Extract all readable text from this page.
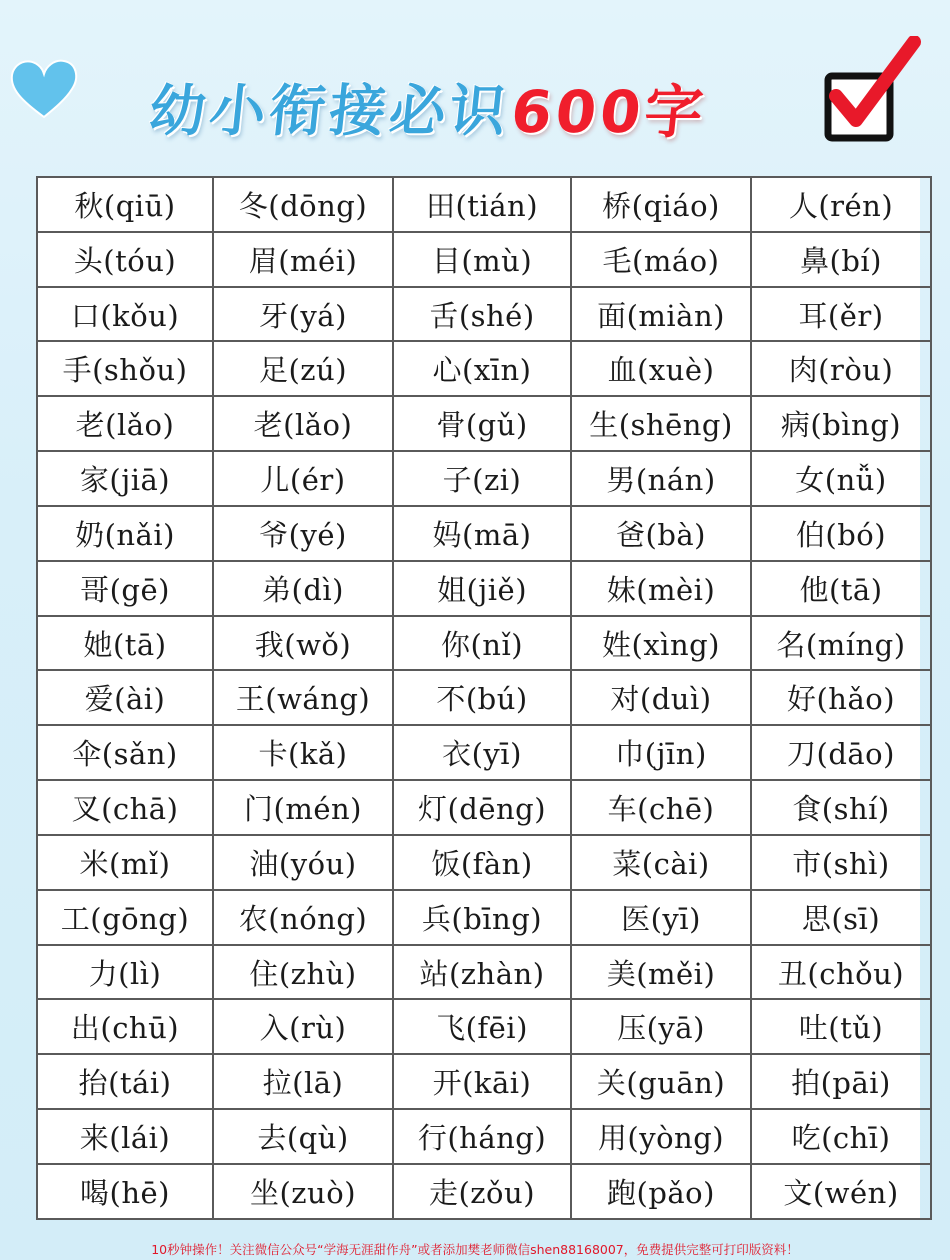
幼小衔接必识
600字
秋(qiū)	冬(dōng)	田(tián)	桥(qiáo)	人(rén)
头(tóu)	眉(méi)	目(mù)	毛(máo)	鼻(bí)
口(kǒu)	牙(yá)	舌(shé)	面(miàn)	耳(ěr)
手(shǒu)	足(zú)	心(xīn)	血(xuè)	肉(ròu)
老(lǎo)	老(lǎo)	骨(gǔ)	生(shēng)	病(bìng)
家(jiā)	儿(ér)	子(zi)	男(nán)	女(nǚ)
奶(nǎi)	爷(yé)	妈(mā)	爸(bà)	伯(bó)
哥(gē)	弟(dì)	姐(jiě)	妹(mèi)	他(tā)
她(tā)	我(wǒ)	你(nǐ)	姓(xìng)	名(míng)
爱(ài)	王(wáng)	不(bú)	对(duì)	好(hǎo)
伞(sǎn)	卡(kǎ)	衣(yī)	巾(jīn)	刀(dāo)
叉(chā)	门(mén)	灯(dēng)	车(chē)	食(shí)
米(mǐ)	油(yóu)	饭(fàn)	菜(cài)	市(shì)
工(gōng)	农(nóng)	兵(bīng)	医(yī)	思(sī)
力(lì)	住(zhù)	站(zhàn)	美(měi)	丑(chǒu)
出(chū)	入(rù)	飞(fēi)	压(yā)	吐(tǔ)
抬(tái)	拉(lā)	开(kāi)	关(guān)	拍(pāi)
来(lái)	去(qù)	行(háng)	用(yòng)	吃(chī)
喝(hē)	坐(zuò)	走(zǒu)	跑(pǎo)	文(wén)
10秒钟操作！关注微信公众号“学海无涯甜作舟”或者添加樊老师微信shen88168007，免费提供完整可打印版资料！
